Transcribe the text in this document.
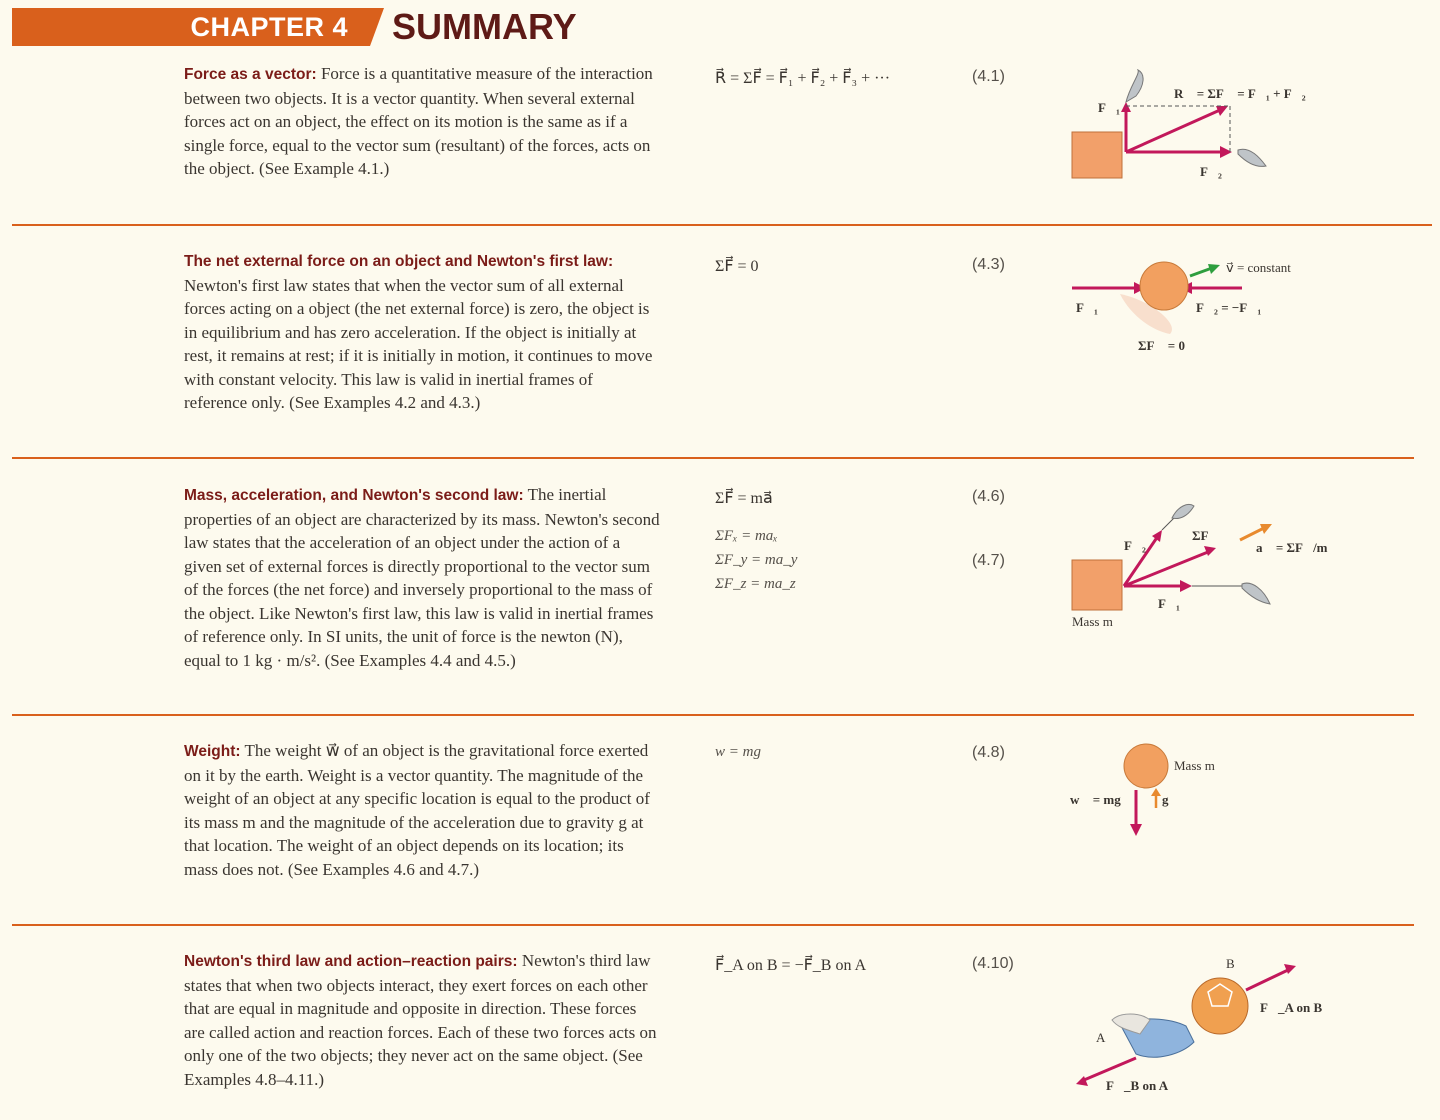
CHAPTER 4 SUMMARY
Force as a vector: Force is a quantitative measure of the interaction between two objects. It is a vector quantity. When several external forces act on an object, the effect on its motion is the same as if a single force, equal to the vector sum (resultant) of the forces, acts on the object. (See Example 4.1.)
R⃗ = ΣF⃗ = F⃗₁ + F⃗₂ + F⃗₃ + ···	(4.1)
F⃗₁
R⃗ = ΣF⃗ = F⃗₁ + F⃗₂
F⃗₂
The net external force on an object and Newton's first law: Newton's first law states that when the vector sum of all external forces acting on a object (the net external force) is zero, the object is in equilibrium and has zero acceleration. If the object is initially at rest, it remains at rest; if it is initially in motion, it continues to move with constant velocity. This law is valid in inertial frames of reference only. (See Examples 4.2 and 4.3.)
ΣF⃗ = 0	(4.3)	v⃗ = constant
F⃗₁	F⃗₂ = −F⃗₁
ΣF⃗ = 0
Mass, acceleration, and Newton's second law: The inertial properties of an object are characterized by its mass. Newton's second law states that the acceleration of an object under the action of a given set of external forces is directly proportional to the vector sum of the forces (the net force) and inversely proportional to the mass of the object. Like Newton's first law, this law is valid in inertial frames of reference only. In SI units, the unit of force is the newton (N), equal to 1 kg · m/s². (See Examples 4.4 and 4.5.)
ΣF⃗ = ma⃗	(4.6)
ΣFₓ = maₓ
ΣF_y = ma_y
ΣF_z = ma_z
(4.7)
F⃗₂
ΣF⃗
a⃗ = ΣF⃗/m
F⃗₁
Mass m
Weight: The weight w⃗ of an object is the gravitational force exerted on it by the earth. Weight is a vector quantity. The magnitude of the weight of an object at any specific location is equal to the product of its mass m and the magnitude of the acceleration due to gravity g at that location. The weight of an object depends on its location; its mass does not. (See Examples 4.6 and 4.7.)
w = mg	(4.8)
Mass m
w⃗ = mg⃗ g⃗
Newton's third law and action–reaction pairs: Newton's third law states that when two objects interact, they exert forces on each other that are equal in magnitude and opposite in direction. These forces are called action and reaction forces. Each of these two forces acts on only one of the two objects; they never act on the same object. (See Examples 4.8–4.11.)
F⃗_A on B = −F⃗_B on A	(4.10)	B
F⃗_A on B
A
F⃗_B on A
